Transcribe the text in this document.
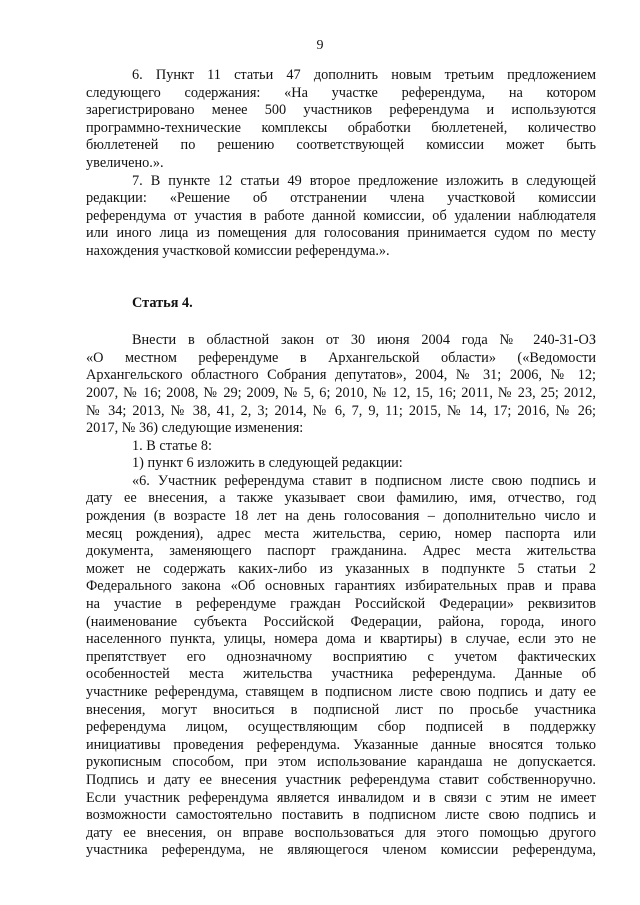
9
6. Пункт 11 статьи 47 дополнить новым третьим предложением
следующего содержания: «На участке референдума, на котором
зарегистрировано менее 500 участников референдума и используются
программно-технические комплексы обработки бюллетеней, количество
бюллетеней по решению соответствующей комиссии может быть
увеличено.».
7. В пункте 12 статьи 49 второе предложение изложить в следующей
редакции: «Решение об отстранении члена участковой комиссии
референдума от участия в работе данной комиссии, об удалении наблюдателя
или иного лица из помещения для голосования принимается судом по месту
нахождения участковой комиссии референдума.».
Статья 4.
Внести в областной закон от 30 июня 2004 года № 240-31-ОЗ
«О местном референдуме в Архангельской области» («Ведомости
Архангельского областного Собрания депутатов», 2004, № 31; 2006, № 12;
2007, № 16; 2008, № 29; 2009, № 5, 6; 2010, № 12, 15, 16; 2011, № 23, 25; 2012,
№ 34; 2013, № 38, 41, 2, 3; 2014, № 6, 7, 9, 11; 2015, № 14, 17; 2016, № 26;
2017, № 36) следующие изменения:
1. В статье 8:
1) пункт 6 изложить в следующей редакции:
«6. Участник референдума ставит в подписном листе свою подпись и
дату ее внесения, а также указывает свои фамилию, имя, отчество, год
рождения (в возрасте 18 лет на день голосования – дополнительно число и
месяц рождения), адрес места жительства, серию, номер паспорта или
документа, заменяющего паспорт гражданина. Адрес места жительства
может не содержать каких-либо из указанных в подпункте 5 статьи 2
Федерального закона «Об основных гарантиях избирательных прав и права
на участие в референдуме граждан Российской Федерации» реквизитов
(наименование субъекта Российской Федерации, района, города, иного
населенного пункта, улицы, номера дома и квартиры) в случае, если это не
препятствует его однозначному восприятию с учетом фактических
особенностей места жительства участника референдума. Данные об
участнике референдума, ставящем в подписном листе свою подпись и дату ее
внесения, могут вноситься в подписной лист по просьбе участника
референдума лицом, осуществляющим сбор подписей в поддержку
инициативы проведения референдума. Указанные данные вносятся только
рукописным способом, при этом использование карандаша не допускается.
Подпись и дату ее внесения участник референдума ставит собственноручно.
Если участник референдума является инвалидом и в связи с этим не имеет
возможности самостоятельно поставить в подписном листе свою подпись и
дату ее внесения, он вправе воспользоваться для этого помощью другого
участника референдума, не являющегося членом комиссии референдума,
